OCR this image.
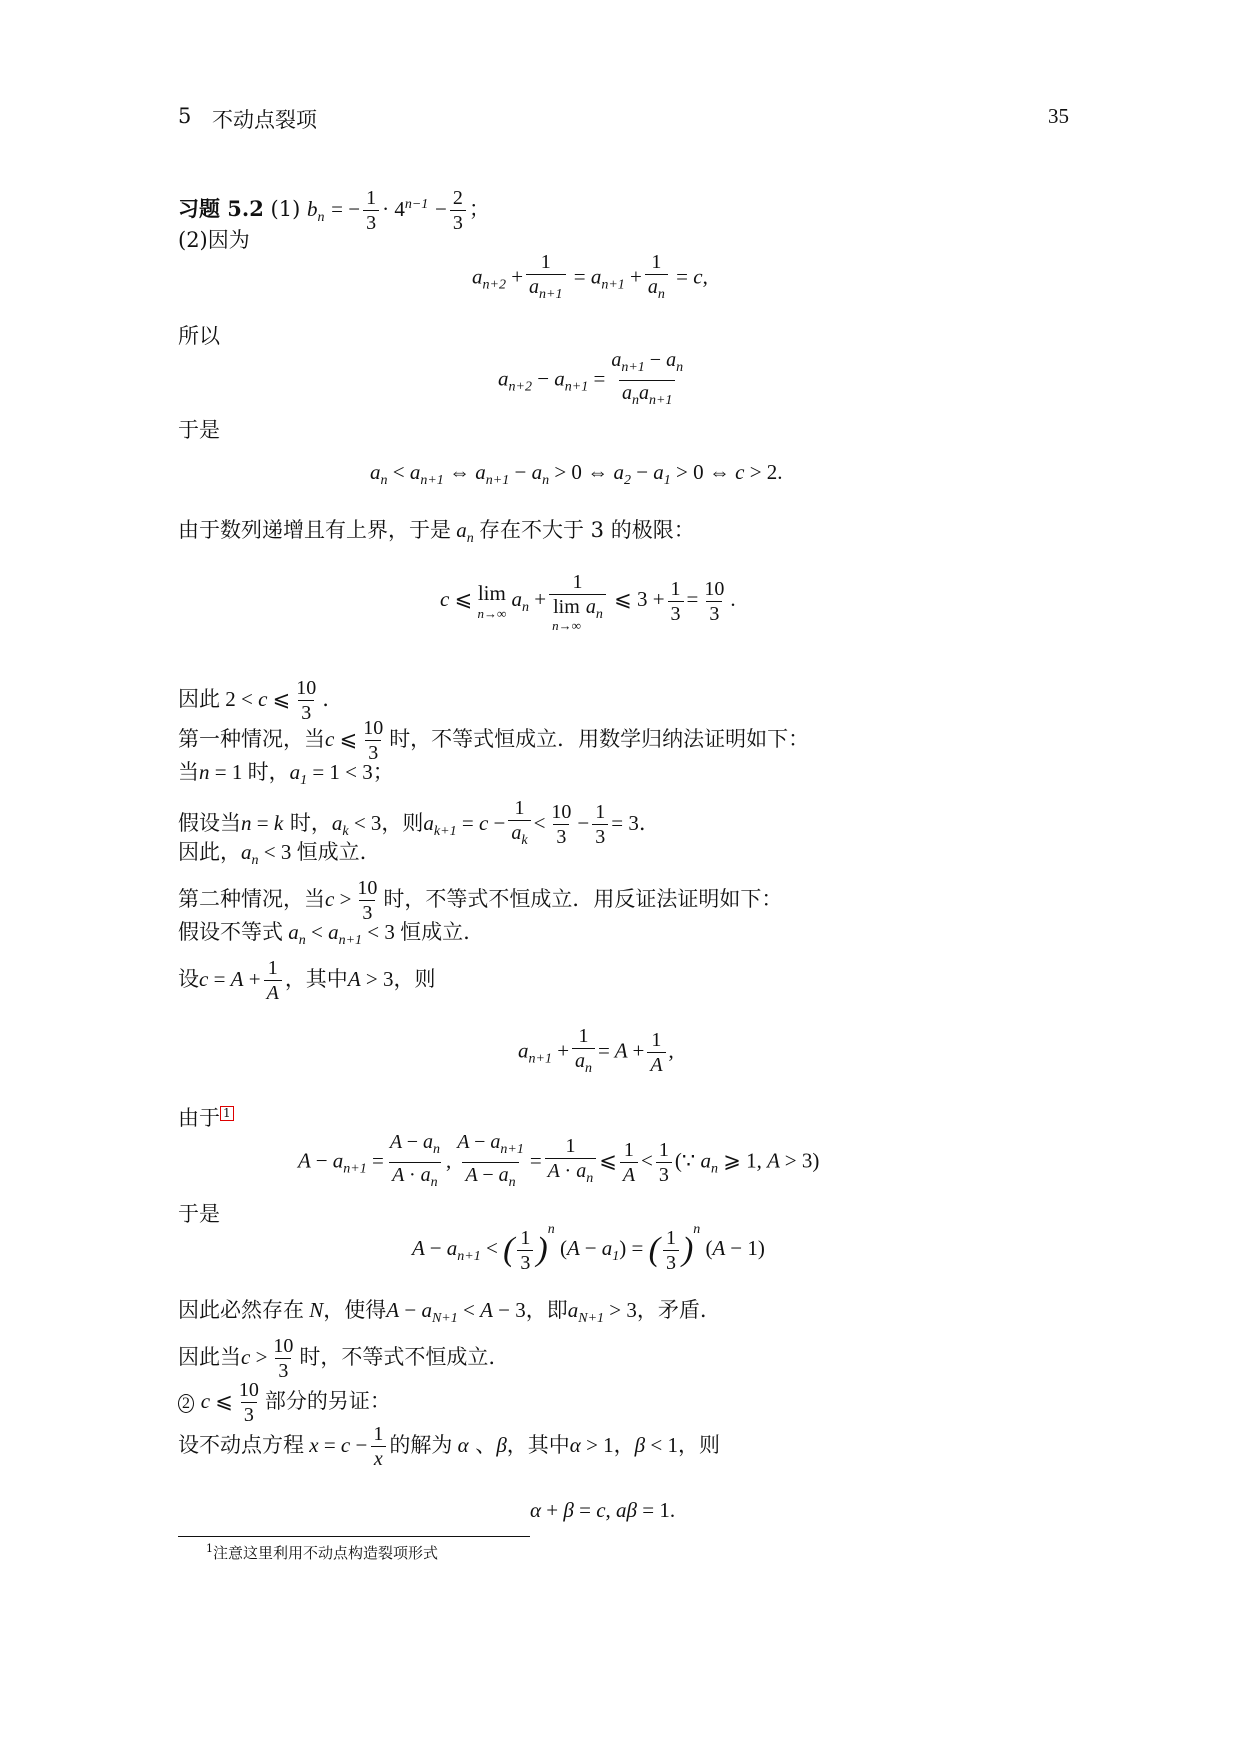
5 不动点裂项	35
习题 5.2 (1) $b_n$ = − $\frac{1}{3} \cdot 4^{n-1} - \frac{2}{3}$ ；
(2)因为
$a_{n+2} + \frac{1}{a_{n+1}} = a_{n+1} + \frac{1}{a_n} = c$,
所以
$a_{n+2} - a_{n+1} = \frac{a_{n+1} - a_n}{a_na_{n+1}}$
于是
$a_n < a_{n+1}$ ⇔ $a_{n+1} - a_n > 0$ ⇔ $a_2 - a_1 > 0$ ⇔ c > 2.
由于数列递增且有上界，于是 $a_n$ 存在不大于 3 的极限：
c ⩽ lim
n→∞
$a_n + 1$
lim
n→∞
$a_n$ ⩽ $3 + \frac{1}{3} = \frac{10}{3}$ .
因此 2 < c ⩽ $\frac{10}{3}$ .
第一种情况，当c ⩽ $\frac{10}{3}$ 时，不等式恒成立．用数学归纳法证明如下：
当n = 1 时，$a_1 = 1 < 3$；
假设当n = k 时，$a_k < 3$，则$a_{k+1} = c - \frac{1}{a_k} < \frac{10}{3} - \frac{1}{3} = 3$.
因此，$a_n < 3$ 恒成立.
第二种情况，当$c > \frac{10}{3}$ 时，不等式不恒成立．用反证法证明如下：
假设不等式 $a_n < a_{n+1} < 3$ 恒成立.
设$c = A + \frac{1}{A}$ ，其中A > 3，则
$a_{n+1} + \frac{1}{a_n} = A + \frac{1}{A}$ ,
由于 1
$A - a_{n+1} = \frac{A - a_n}{A \cdot a_n}$ , $\frac{A - a_{n+1}}{A - a_n} = \frac{1}{A \cdot a_n}$ ⩽ $\frac{1}{A} < \frac{1}{3}$ (∵ $a_n$ ⩾ 1, A > 3)
于是
$A - a_{n+1}$ < ( $\frac{1}{3} )^n$ $(A - a_1)$ = ( $\frac{1}{3} )^n$ (A − 1)
因此必然存在 N，使得$A - a_{N+1} < A - 3$，即$a_{N+1} > 3$，矛盾.
因此当$c > \frac{10}{3}$ 时，不等式不恒成立.
2 c ⩽ $\frac{10}{3}$ 部分的另证：
设不动点方程 $x = c - \frac{1}{x}$ 的解为 α 、β，其中α > 1，β < 1，则
α + β = c, aβ = 1.
$^1$注意这里利用不动点构造裂项形式
